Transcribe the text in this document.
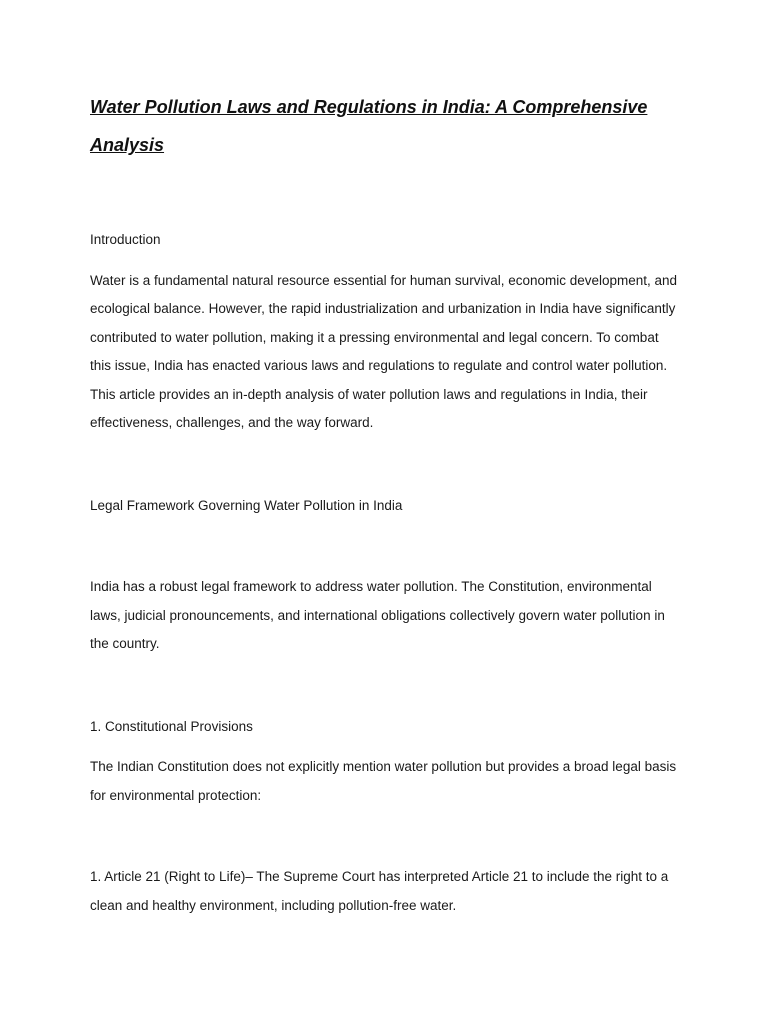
Water Pollution Laws and Regulations in India: A Comprehensive Analysis

Introduction

Water is a fundamental natural resource essential for human survival, economic development, and ecological balance. However, the rapid industrialization and urbanization in India have significantly contributed to water pollution, making it a pressing environmental and legal concern. To combat this issue, India has enacted various laws and regulations to regulate and control water pollution. This article provides an in-depth analysis of water pollution laws and regulations in India, their effectiveness, challenges, and the way forward.

Legal Framework Governing Water Pollution in India

India has a robust legal framework to address water pollution. The Constitution, environmental laws, judicial pronouncements, and international obligations collectively govern water pollution in the country.

1. Constitutional Provisions

The Indian Constitution does not explicitly mention water pollution but provides a broad legal basis for environmental protection:

1. Article 21 (Right to Life)– The Supreme Court has interpreted Article 21 to include the right to a clean and healthy environment, including pollution-free water.
